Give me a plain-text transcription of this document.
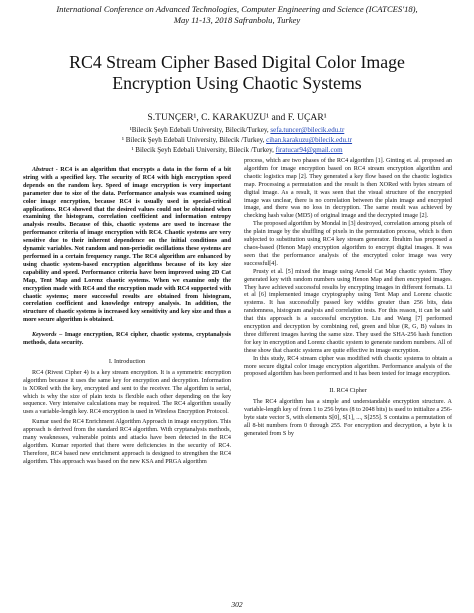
International Conference on Advanced Technologies, Computer Engineering and Science (ICATCES'18),
May 11-13, 2018 Safranbolu, Turkey
RC4 Stream Cipher Based Digital Color Image
Encryption Using Chaotic Systems
S.TUNÇER¹, C. KARAKUZU¹ and F. UÇAR¹
¹Bilecik Şeyh Edebali University, Bilecik/Turkey, sefa.tuncer@bilecik.edu.tr
¹ Bilecik Şeyh Edebali University, Bilecik /Turkey, cihan.karakuzu@bilecik.edu.tr
¹ Bilecik Şeyh Edebali University, Bilecik /Turkey, firatucar94@gmail.com

Abstract - RC4 is an algorithm that encrypts a data in the form of a bit string with a specified key. The security of RC4 with high encryption speed depends on the random key. Speed of image encryption is very important parameter due to size of the data. Performance analysis was examined using color image encryption, because RC4 is usually used in special-critical applications. RC4 showed that the desired values could not be obtained when examining the histogram, correlation coefficient and information entropy analysis results. Because of this, chaotic systems are used to increase the performance criteria of image encryption with RC4. Chaotic systems are very sensitive due to their inherent dependence on the initial conditions and dynamic variables. Not random and non-periodic oscillations these systems are performed in a certain frequency range. The RC4 algorithm are enhanced by using chaotic system-based encryption algorithms because of its key size capability and speed. Performance criteria have been improved using 2D Cat Map, Tent Map and Lorenz chaotic systems. When we examine only the encryption made with RC4 and the encryption made with RC4 supported with chaotic systems; more successful results are obtained from histogram, correlation coefficient and knowledge entropy analysis. In addition, the structure of chaotic systems is increased key sensitivity and key size and thus a more secure algorithm is obtained.

Keywords – Image encryption, RC4 cipher, chaotic systems, cryptanalysis methods, data security.

I. Introduction

RC4 (Rivest Cipher 4) is a key stream encryption. It is a symmetric encryption algorithm because it uses the same key for encryption and decryption. Information is XORed with the key, encrypted and sent to the receiver. The algorithm is serial, which is why the size of plain texts is flexible each other depending on the key sequence. Very intensive calculations may be required. The RC4 algorithm usually uses a variable-length key. RC4 encryption is used in Wireless Encryption Protocol.

Kumar used the RC4 Enrichment Algorithm Approach in image encryption. This approach is derived from the standard RC4 algorithm. With cryptanalysis methods, many weaknesses, vulnerable points and attacks have been detected in the RC4 algorithm. Kumar reported that there were deficiencies in the security of RC4. Therefore, RC4 based new enrichment approach is designed to strengthen the RC4 algorithm. This approach was based on the new KSA and PRGA algorithm

process, which are two phases of the RC4 algorithm [1]. Ginting et. al. proposed an algorithm for image encryption based on RC4 stream encryption algorithm and chaotic logistics map [2]. They generated a key flow based on the chaotic logistics map. Processing a permutation and the result is then XORed with bytes stream of digital image. As a result, it was seen that the visual structure of the encrypted image was unclear, there is no correlation between the plain image and encrypted image, and there was no loss in decryption. The same result was achieved by checking hash value (MD5) of original image and the decrypted image [2].

The proposed algorithm by Mondal in [3] destroyed, correlation among pixels of the plain image by the shuffling of pixels in the permutation process, which is then subjected to substitution using RC4 key stream generator. Ibrahim has proposed a chaos-based (Henon Map) encryption algorithm to encrypt digital images. It was seen that the performance analysis of the encrypted color image was very successful[4].

Prusty et al. [5] mixed the image using Arnold Cat Map chaotic system. They generated key with random numbers using Henon Map and then encrypted images. They have achieved successful results by encrypting images in different formats. Li et al [6] implemented image cryptography using Tent Map and Lorenz chaotic systems. It has successfully passed key widths greater than 256 bits, data randomness, histogram analysis and correlation tests. For this reason, it can be said that this approach is a successful encryption. Liu and Wang [7] performed encryption and decryption by combining red, green and blue (R, G, B) values in three different images having the same size. They used the SHA-256 hash function for key in encryption and Lorenz chaotic system to generate random numbers. All of these show that chaotic systems are quite effective in image encryption.

In this study, RC4 stream cipher was modified with chaotic systems to obtain a more secure digital color image encryption algorithm. Performance analysis of the proposed algorithm has been performed and it has been tested for image encryption.

II. RC4 Cipher

The RC4 algorithm has a simple and understandable encryption structure. A variable-length key of from 1 to 256 bytes (8 to 2048 bits) is used to initialize a 256-byte state vector S, with elements S[0], S[1], ..., S[255]. S contains a permutation of all 8-bit numbers from 0 through 255. For encryption and decryption, a byte k is generated from S by

302
